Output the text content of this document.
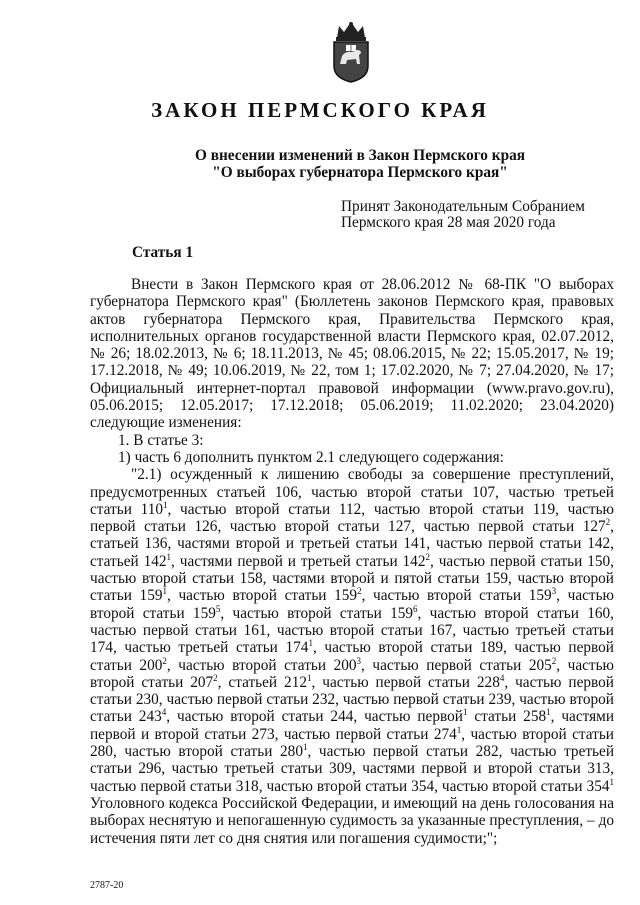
ЗАКОН ПЕРМСКОГО КРАЯ
О внесении изменений в Закон Пермского края
"О выборах губернатора Пермского края"
Принят Законодательным Собранием
Пермского края 28 мая 2020 года
Статья 1

Внести в Закон Пермского края от 28.06.2012 № 68-ПК "О выборах губернатора Пермского края" (Бюллетень законов Пермского края, правовых актов губернатора Пермского края, Правительства Пермского края, исполнительных органов государственной власти Пермского края, 02.07.2012, № 26; 18.02.2013, № 6; 18.11.2013, № 45; 08.06.2015, № 22; 15.05.2017, № 19; 17.12.2018, № 49; 10.06.2019, № 22, том 1; 17.02.2020, № 7; 27.04.2020, № 17; Официальный интернет-портал правовой информации (www.pravo.gov.ru), 05.06.2015; 12.05.2017; 17.12.2018; 05.06.2019; 11.02.2020; 23.04.2020) следующие изменения:

1. В статье 3:

1) часть 6 дополнить пунктом 2.1 следующего содержания:

"2.1) осужденный к лишению свободы за совершение преступлений, предусмотренных статьей 106, частью второй статьи 107, частью третьей статьи $110^1$, частью второй статьи 112, частью второй статьи 119, частью первой статьи 126, частью второй статьи 127, частью первой статьи $127^2$, статьей 136, частями второй и третьей статьи 141, частью первой статьи 142, статьей $142^1$, частями первой и третьей статьи $142^2$, частью первой статьи 150, частью второй статьи 158, частями второй и пятой статьи 159, частью второй статьи $159^1$, частью второй статьи $159^2$, частью второй статьи $159^3$, частью второй статьи $159^5$, частью второй статьи $159^6$, частью второй статьи 160, частью первой статьи 161, частью второй статьи 167, частью третьей статьи 174, частью третьей статьи $174^1$, частью второй статьи 189, частью первой статьи $200^2$, частью второй статьи $200^3$, частью первой статьи $205^2$, частью второй статьи $207^2$, статьей $212^1$, частью первой статьи $228^4$, частью первой статьи 230, частью первой статьи 232, частью первой статьи 239, частью второй статьи $243^4$, частью второй статьи 244, частью первой$^1$ статьи $258^1$, частями первой и второй статьи 273, частью первой статьи $274^1$, частью второй статьи 280, частью второй статьи $280^1$, частью первой статьи 282, частью третьей статьи 296, частью третьей статьи 309, частями первой и второй статьи 313, частью первой статьи 318, частью второй статьи 354, частью второй статьи $354^1$ Уголовного кодекса Российской Федерации, и имеющий на день голосования на выборах неснятую и непогашенную судимость за указанные преступления, – до истечения пяти лет со дня снятия или погашения судимости;";

2787-20
